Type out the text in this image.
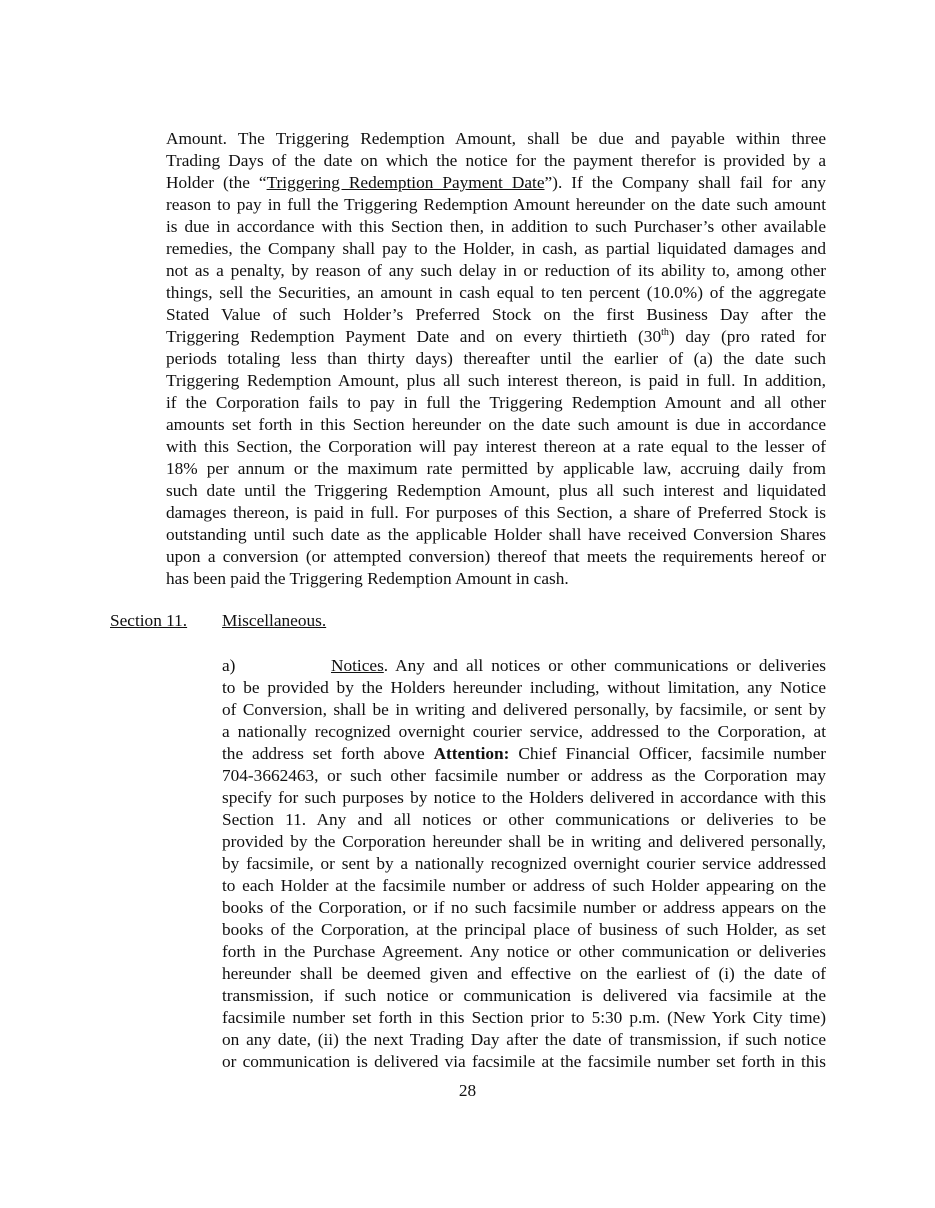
Amount. The Triggering Redemption Amount, shall be due and payable within three
Trading Days of the date on which the notice for the payment therefor is provided by a
Holder (the “Triggering Redemption Payment Date”). If the Company shall fail for any
reason to pay in full the Triggering Redemption Amount hereunder on the date such amount
is due in accordance with this Section then, in addition to such Purchaser’s other available
remedies, the Company shall pay to the Holder, in cash, as partial liquidated damages and
not as a penalty, by reason of any such delay in or reduction of its ability to, among other
things, sell the Securities, an amount in cash equal to ten percent (10.0%) of the aggregate
Stated Value of such Holder’s Preferred Stock on the first Business Day after the
Triggering Redemption Payment Date and on every thirtieth (30th) day (pro rated for
periods totaling less than thirty days) thereafter until the earlier of (a) the date such
Triggering Redemption Amount, plus all such interest thereon, is paid in full. In addition,
if the Corporation fails to pay in full the Triggering Redemption Amount and all other
amounts set forth in this Section hereunder on the date such amount is due in accordance
with this Section, the Corporation will pay interest thereon at a rate equal to the lesser of
18% per annum or the maximum rate permitted by applicable law, accruing daily from
such date until the Triggering Redemption Amount, plus all such interest and liquidated
damages thereon, is paid in full. For purposes of this Section, a share of Preferred Stock is
outstanding until such date as the applicable Holder shall have received Conversion Shares
upon a conversion (or attempted conversion) thereof that meets the requirements hereof or
has been paid the Triggering Redemption Amount in cash.
Section 11. Miscellaneous.
a)	Notices. Any and all notices or other communications or deliveries
to be provided by the Holders hereunder including, without limitation, any Notice
of Conversion, shall be in writing and delivered personally, by facsimile, or sent by
a nationally recognized overnight courier service, addressed to the Corporation, at
the address set forth above Attention: Chief Financial Officer, facsimile number
704-3662463, or such other facsimile number or address as the Corporation may
specify for such purposes by notice to the Holders delivered in accordance with this
Section 11. Any and all notices or other communications or deliveries to be
provided by the Corporation hereunder shall be in writing and delivered personally,
by facsimile, or sent by a nationally recognized overnight courier service addressed
to each Holder at the facsimile number or address of such Holder appearing on the
books of the Corporation, or if no such facsimile number or address appears on the
books of the Corporation, at the principal place of business of such Holder, as set
forth in the Purchase Agreement. Any notice or other communication or deliveries
hereunder shall be deemed given and effective on the earliest of (i) the date of
transmission, if such notice or communication is delivered via facsimile at the
facsimile number set forth in this Section prior to 5:30 p.m. (New York City time)
on any date, (ii) the next Trading Day after the date of transmission, if such notice
or communication is delivered via facsimile at the facsimile number set forth in this
28
